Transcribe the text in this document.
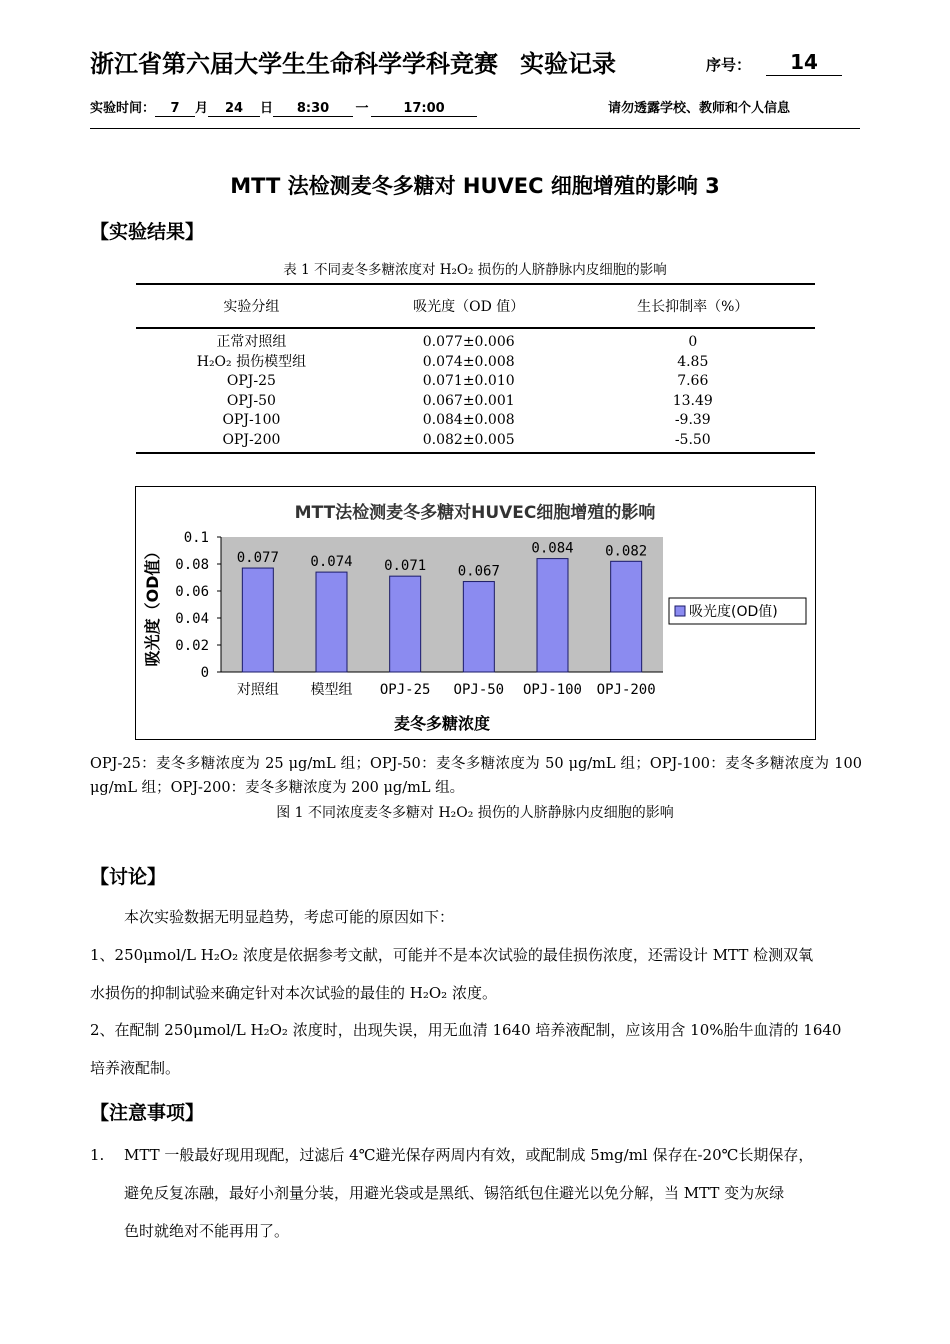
浙江省第六届大学生生命科学学科竞赛 实验记录	序号：	14
实验时间： 7 月 24 日 8:30 一	17:00	请勿透露学校、教师和个人信息
MTT 法检测麦冬多糖对 HUVEC 细胞增殖的影响 3
【实验结果】
表 1 不同麦冬多糖浓度对 H₂O₂ 损伤的人脐静脉内皮细胞的影响
实验分组	吸光度（OD 值）	生长抑制率（%）
正常对照组	0.077±0.006	0
H₂O₂ 损伤模型组	0.074±0.008	4.85
OPJ-25	0.071±0.010	7.66
OPJ-50	0.067±0.001	13.49
OPJ-100	0.084±0.008	-9.39
OPJ-200	0.082±0.005	-5.50
MTT法检测麦冬多糖对HUVEC细胞增殖的影响
0
0.02
0.04
0.06
0.08
0.1
0.077
对照组
0.074
模型组
0.071
OPJ-25
0.067
OPJ-50
0.084
OPJ-100
0.082
OPJ-200
麦冬多糖浓度
吸光度（OD值）	吸光度(OD值)
OPJ-25：麦冬多糖浓度为 25 μg/mL 组；OPJ-50：麦冬多糖浓度为 50 μg/mL 组；OPJ-100：麦冬多糖浓度为 100 μg/mL 组；OPJ-200：麦冬多糖浓度为 200 μg/mL 组。
图 1 不同浓度麦冬多糖对 H₂O₂ 损伤的人脐静脉内皮细胞的影响
【讨论】
本次实验数据无明显趋势，考虑可能的原因如下：
1、250μmol/L H₂O₂ 浓度是依据参考文献，可能并不是本次试验的最佳损伤浓度，还需设计 MTT 检测双氧
水损伤的抑制试验来确定针对本次试验的最佳的 H₂O₂ 浓度。
2、在配制 250μmol/L H₂O₂ 浓度时，出现失误，用无血清 1640 培养液配制，应该用含 10%胎牛血清的 1640
培养液配制。
【注意事项】
1. MTT 一般最好现用现配，过滤后 4℃避光保存两周内有效，或配制成 5mg/ml 保存在-20℃长期保存，
避免反复冻融，最好小剂量分装，用避光袋或是黑纸、锡箔纸包住避光以免分解，当 MTT 变为灰绿
色时就绝对不能再用了。
